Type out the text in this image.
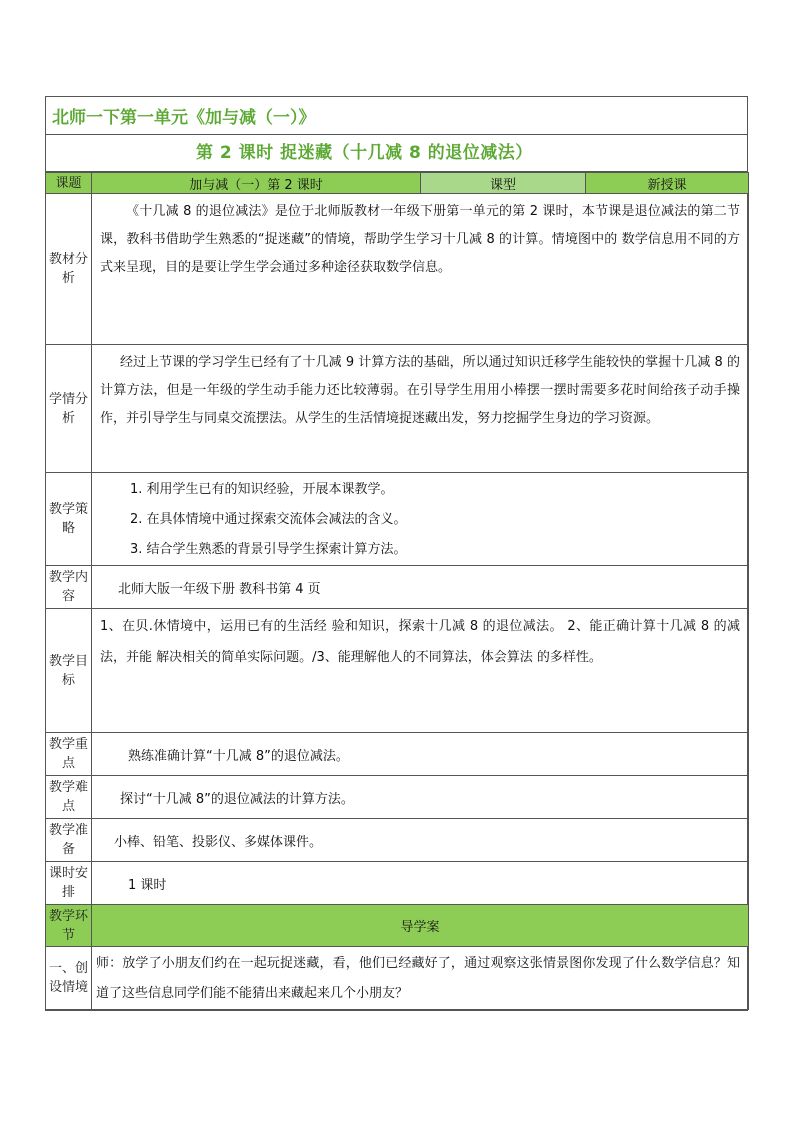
北师一下第一单元《加与减（一）》
第 2 课时 捉迷藏（十几减 8 的退位减法）
课题	加与减（一）第 2 课时	课型	新授课
教材分析	《十几减 8 的退位减法》是位于北师版教材一年级下册第一单元的第 2 课时，本节课是退位减法的第二节课，教科书借助学生熟悉的“捉迷藏”的情境，帮助学生学习十几减 8 的计算。情境图中的 数学信息用不同的方式来呈现，目的是要让学生学会通过多种途径获取数学信息。		
学情分析	经过上节课的学习学生已经有了十几减 9 计算方法的基础，所以通过知识迁移学生能较快的掌握十几减 8 的计算方法，但是一年级的学生动手能力还比较薄弱。在引导学生用用小棒摆一摆时需要多花时间给孩子动手操作，并引导学生与同桌交流摆法。从学生的生活情境捉迷藏出发，努力挖掘学生身边的学习资源。		
教学策略	1. 利用学生已有的知识经验，开展本课教学。
2. 在具体情境中通过探索交流体会减法的含义。
3. 结合学生熟悉的背景引导学生探索计算方法。		

教学内容	北师大版一年级下册 教科书第 4 页		
教学目标	1、在贝.休情境中，运用已有的生活经 验和知识，探索十几减 8 的退位减法。 2、能正确计算十几减 8 的减法，并能 解决相关的简单实际问题。/3、能理解他人的不同算法，体会算法 的多样性。		
教学重点	熟练准确计算“十几减 8”的退位减法。		
教学难点	探讨“十几减 8”的退位减法的计算方法。		
教学准备	小棒、铅笔、投影仪、多媒体课件。		
课时安排	1 课时		
教学环节	导学案		
一、创设情境	师：放学了小朋友们约在一起玩捉迷藏，看，他们已经藏好了，通过观察这张情景图你发现了什么数学信息？知道了这些信息同学们能不能猜出来藏起来几个小朋友？		
